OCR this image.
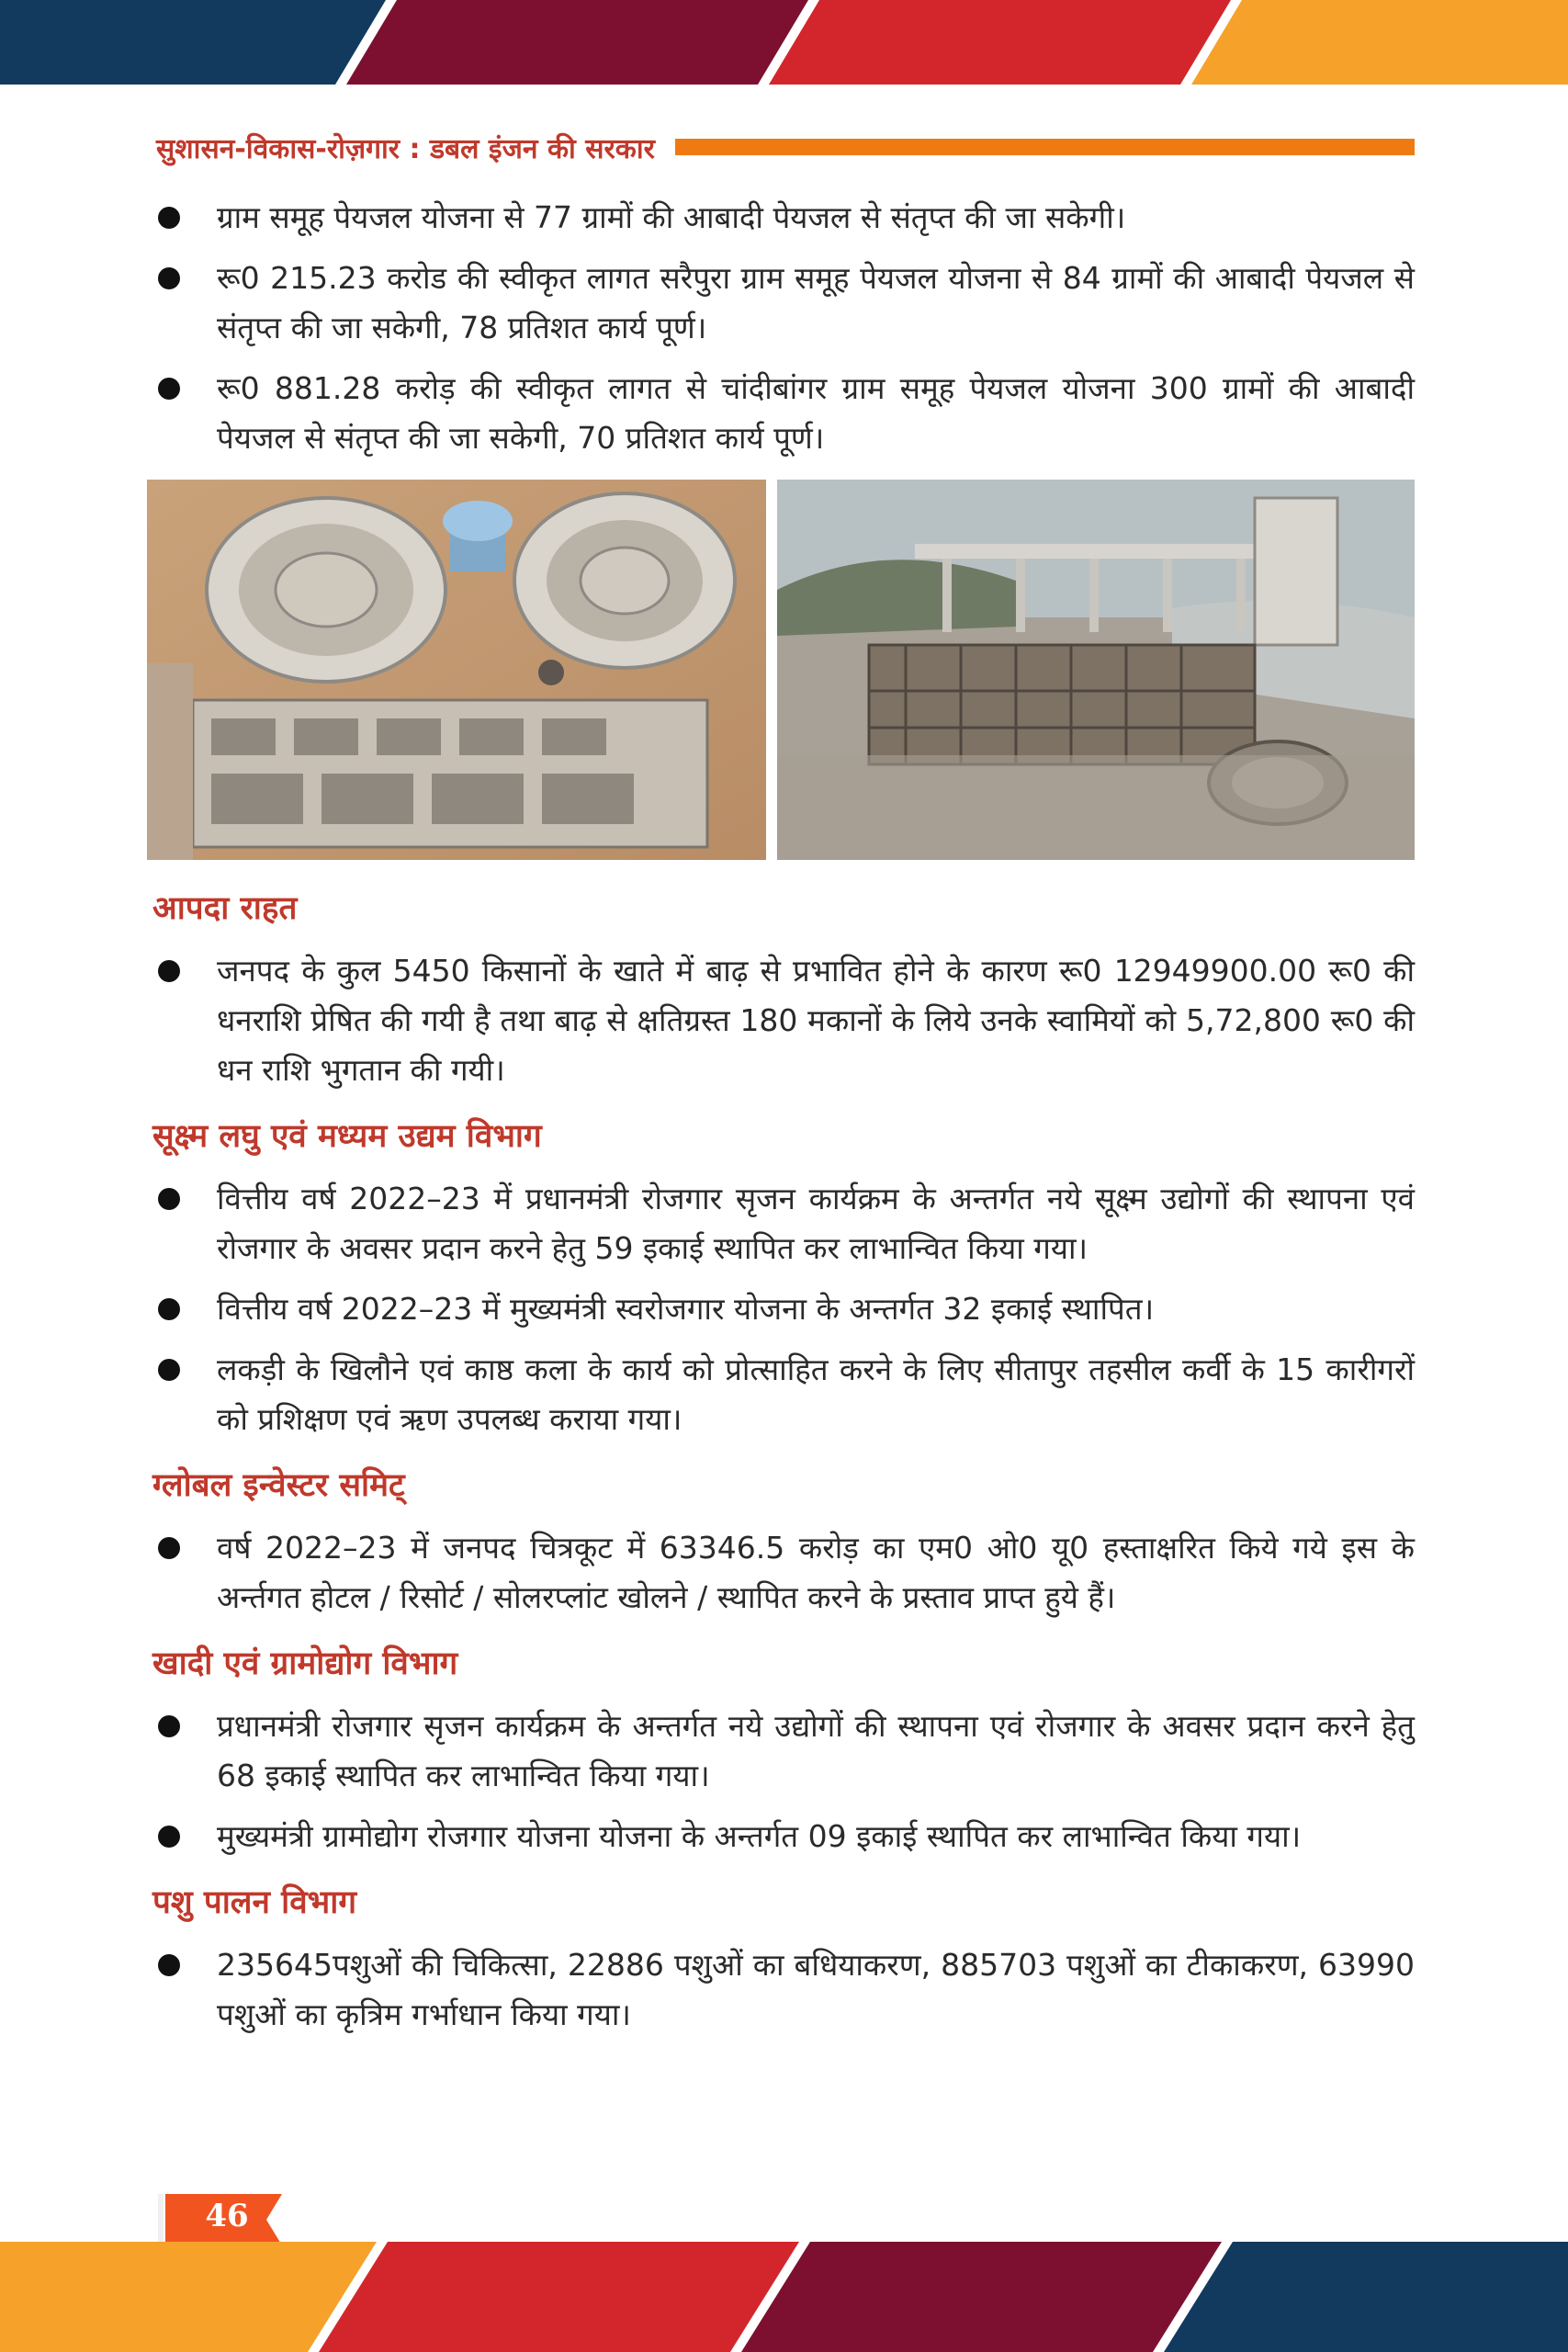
सुशासन-विकास-रोज़गार : डबल इंजन की सरकार
ग्राम समूह पेयजल योजना से 77 ग्रामों की आबादी पेयजल से संतृप्त की जा सकेगी।
रू0 215.23 करोड की स्वीकृत लागत सरैपुरा ग्राम समूह पेयजल योजना से 84 ग्रामों की आबादी पेयजल से संतृप्त की जा सकेगी, 78 प्रतिशत कार्य पूर्ण।
रू0 881.28 करोड़ की स्वीकृत लागत से चांदीबांगर ग्राम समूह पेयजल योजना 300 ग्रामों की आबादी पेयजल से संतृप्त की जा सकेगी, 70 प्रतिशत कार्य पूर्ण।
आपदा राहत
जनपद के कुल 5450 किसानों के खाते में बाढ़ से प्रभावित होने के कारण रू0 12949900.00 रू0 की धनराशि प्रेषित की गयी है तथा बाढ़ से क्षतिग्रस्त 180 मकानों के लिये उनके स्वामियों को 5,72,800 रू0 की धन राशि भुगतान की गयी।
सूक्ष्म लघु एवं मध्यम उद्यम विभाग
वित्तीय वर्ष 2022–23 में प्रधानमंत्री रोजगार सृजन कार्यक्रम के अन्तर्गत नये सूक्ष्म उद्योगों की स्थापना एवं रोजगार के अवसर प्रदान करने हेतु 59 इकाई स्थापित कर लाभान्वित किया गया।
वित्तीय वर्ष 2022–23 में मुख्यमंत्री स्वरोजगार योजना के अन्तर्गत 32 इकाई स्थापित।
लकड़ी के खिलौने एवं काष्ठ कला के कार्य को प्रोत्साहित करने के लिए सीतापुर तहसील कर्वी के 15 कारीगरों को प्रशिक्षण एवं ऋण उपलब्ध कराया गया।
ग्लोबल इन्वेस्टर समिट्
वर्ष 2022–23 में जनपद चित्रकूट में 63346.5 करोड़ का एम0 ओ0 यू0 हस्ताक्षरित किये गये इस के अर्न्तगत होटल / रिसोर्ट / सोलरप्लांट खोलने / स्थापित करने के प्रस्ताव प्राप्त हुये हैं।
खादी एवं ग्रामोद्योग विभाग
प्रधानमंत्री रोजगार सृजन कार्यक्रम के अन्तर्गत नये उद्योगों की स्थापना एवं रोजगार के अवसर प्रदान करने हेतु 68 इकाई स्थापित कर लाभान्वित किया गया।
मुख्यमंत्री ग्रामोद्योग रोजगार योजना योजना के अन्तर्गत 09 इकाई स्थापित कर लाभान्वित किया गया।
पशु पालन विभाग
235645पशुओं की चिकित्सा, 22886 पशुओं का बधियाकरण, 885703 पशुओं का टीकाकरण, 63990 पशुओं का कृत्रिम गर्भाधान किया गया।
46
